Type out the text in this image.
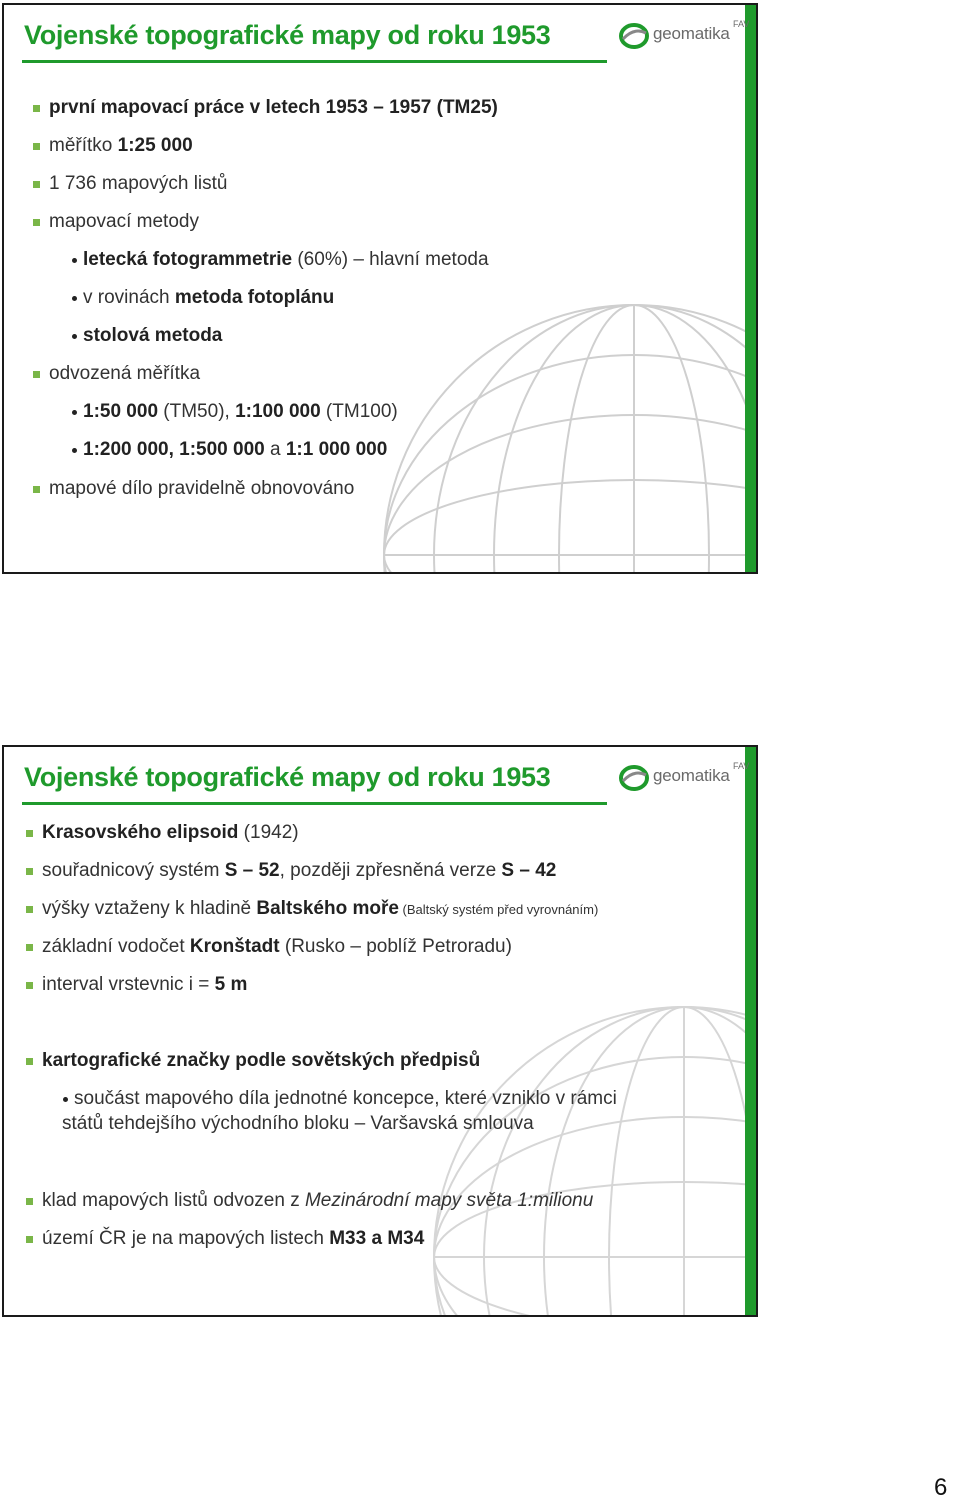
Vojenské topografické mapy od roku 1953	geomatika FAV
první mapovací práce v letech 1953 – 1957 (TM25)
měřítko 1:25 000
1 736 mapových listů
mapovací metody
letecká fotogrammetrie (60%) – hlavní metoda
v rovinách metoda fotoplánu
stolová metoda
odvozená měřítka
1:50 000 (TM50), 1:100 000 (TM100)
1:200 000, 1:500 000 a 1:1 000 000
mapové dílo pravidelně obnovováno
Vojenské topografické mapy od roku 1953	geomatika FAV
Krasovského elipsoid (1942)
souřadnicový systém S – 52, později zpřesněná verze S – 42
výšky vztaženy k hladině Baltského moře (Baltský systém před vyrovnáním)
základní vodočet Kronštadt (Rusko – poblíž Petroradu)
interval vrstevnic i = 5 m
kartografické značky podle sovětských předpisů
součást mapového díla jednotné koncepce, které vzniklo v rámci
států tehdejšího východního bloku – Varšavská smlouva
klad mapových listů odvozen z Mezinárodní mapy světa 1:milionu
území ČR je na mapových listech M33 a M34
6
